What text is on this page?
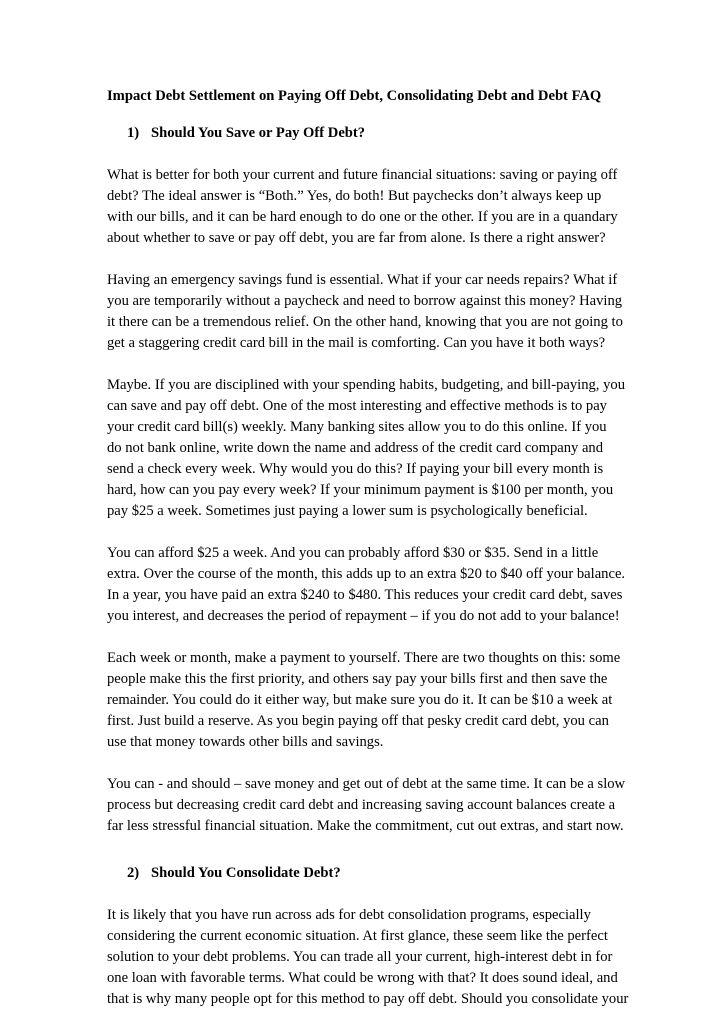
Impact Debt Settlement on Paying Off Debt, Consolidating Debt and Debt FAQ
1) Should You Save or Pay Off Debt?
What is better for both your current and future financial situations: saving or paying off
debt? The ideal answer is “Both.” Yes, do both! But paychecks don’t always keep up
with our bills, and it can be hard enough to do one or the other. If you are in a quandary
about whether to save or pay off debt, you are far from alone. Is there a right answer?
Having an emergency savings fund is essential. What if your car needs repairs? What if
you are temporarily without a paycheck and need to borrow against this money? Having
it there can be a tremendous relief. On the other hand, knowing that you are not going to
get a staggering credit card bill in the mail is comforting. Can you have it both ways?
Maybe. If you are disciplined with your spending habits, budgeting, and bill-paying, you
can save and pay off debt. One of the most interesting and effective methods is to pay
your credit card bill(s) weekly. Many banking sites allow you to do this online. If you
do not bank online, write down the name and address of the credit card company and
send a check every week. Why would you do this? If paying your bill every month is
hard, how can you pay every week? If your minimum payment is $100 per month, you
pay $25 a week. Sometimes just paying a lower sum is psychologically beneficial.
You can afford $25 a week. And you can probably afford $30 or $35. Send in a little
extra. Over the course of the month, this adds up to an extra $20 to $40 off your balance.
In a year, you have paid an extra $240 to $480. This reduces your credit card debt, saves
you interest, and decreases the period of repayment – if you do not add to your balance!
Each week or month, make a payment to yourself. There are two thoughts on this: some
people make this the first priority, and others say pay your bills first and then save the
remainder. You could do it either way, but make sure you do it. It can be $10 a week at
first. Just build a reserve. As you begin paying off that pesky credit card debt, you can
use that money towards other bills and savings.
You can - and should – save money and get out of debt at the same time. It can be a slow
process but decreasing credit card debt and increasing saving account balances create a
far less stressful financial situation. Make the commitment, cut out extras, and start now.
2) Should You Consolidate Debt?
It is likely that you have run across ads for debt consolidation programs, especially
considering the current economic situation. At first glance, these seem like the perfect
solution to your debt problems. You can trade all your current, high-interest debt in for
one loan with favorable terms. What could be wrong with that? It does sound ideal, and
that is why many people opt for this method to pay off debt. Should you consolidate your
